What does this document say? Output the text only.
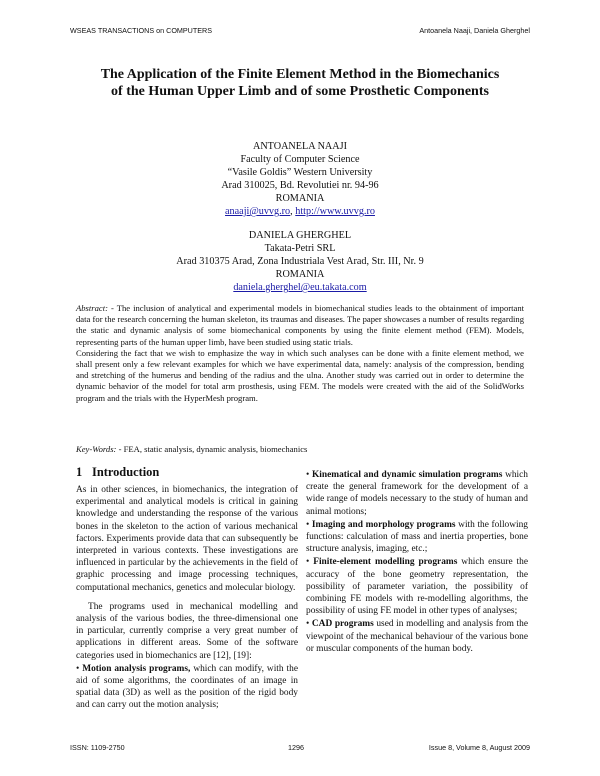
WSEAS TRANSACTIONS on COMPUTERS	Antoanela Naaji, Daniela Gherghel
The Application of the Finite Element Method in the Biomechanics of the Human Upper Limb and of some Prosthetic Components
ANTOANELA NAAJI
Faculty of Computer Science
“Vasile Goldis” Western University
Arad 310025, Bd. Revolutiei nr. 94-96
ROMANIA
anaaji@uvvg.ro, http://www.uvvg.ro
DANIELA GHERGHEL
Takata-Petri SRL
Arad 310375 Arad, Zona Industriala Vest Arad, Str. III, Nr. 9
ROMANIA
daniela.gherghel@eu.takata.com

Abstract: - The inclusion of analytical and experimental models in biomechanical studies leads to the obtainment of important data for the research concerning the human skeleton, its traumas and diseases. The paper showcases a number of results regarding the static and dynamic analysis of some biomechanical components by using the finite element method (FEM). Models, representing parts of the human upper limb, have been studied using static trials.

Considering the fact that we wish to emphasize the way in which such analyses can be done with a finite element method, we shall present only a few relevant examples for which we have experimental data, namely: analysis of the compression, bending and stretching of the humerus and bending of the radius and the ulna. Another study was carried out in order to determine the dynamic behavior of the model for total arm prosthesis, using FEM. The models were created with the aid of the SolidWorks program and the trials with the HyperMesh program.

Key-Words: - FEA, static analysis, dynamic analysis, biomechanics
1 Introduction

As in other sciences, in biomechanics, the integration of experimental and analytical models is critical in gaining knowledge and understanding the response of the various bones in the skeleton to the action of various mechanical factors. Experiments provide data that can subsequently be interpreted in various contexts. These investigations are influenced in particular by the achievements in the field of graphic processing and image processing techniques, computational mechanics, genetics and molecular biology.

The programs used in mechanical modelling and analysis of the various bodies, the three-dimensional one in particular, currently comprise a very great number of applications in different areas. Some of the software categories used in biomechanics are [12], [19]:

• Motion analysis programs, which can modify, with the aid of some algorithms, the coordinates of an image in spatial data (3D) as well as the position of the rigid body and can carry out the motion analysis;

• Kinematical and dynamic simulation programs which create the general framework for the development of a wide range of models necessary to the study of human and animal motions;

• Imaging and morphology programs with the following functions: calculation of mass and inertia properties, bone structure analysis, imaging, etc.;

• Finite-element modelling programs which ensure the accuracy of the bone geometry representation, the possibility of parameter variation, the possibility of combining FE models with re-modelling algorithms, the possibility of using FE model in other types of analyses;

• CAD programs used in modelling and analysis from the viewpoint of the mechanical behaviour of the various bone or muscular components of the human body.

ISSN: 1109-2750	1296	Issue 8, Volume 8, August 2009
